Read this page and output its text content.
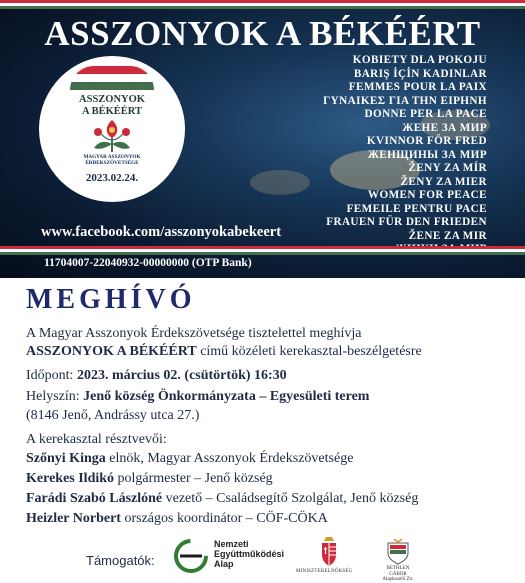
ASSZONYOK A BÉKÉÉRT
KOBIETY DLA POKOJU
BARIŞ İÇİN KADINLAR
FEMMES POUR LA PAIX
ΓΥΝΑΙΚΕΣ ΓΙΑ ΤΗΝ ΕΙΡΗΝΗ
DONNE PER LA PACE
ЖЕНЕ ЗА МИР
KVINNOR FÖR FRED
ЖЕНЩИНЫ ЗА МИР
ŽENY ZA MÍR
ŽENY ZA MIER
WOMEN FOR PEACE
FEMEILE PENTRU PACE
FRAUEN FÜR DEN FRIEDEN
ŽENE ZA MIR
ASSZONYOK
A BÉKÉÉRT
MAGYAR ASSZONYOK
ÉRDEKSZÖVETSÉGE
2023.02.24.
www.facebook.com/asszonyokabekeert
11704007-22040932-00000000 (OTP Bank)
MEGHÍVÓ
A Magyar Asszonyok Érdekszövetsége tisztelettel meghívja
ASSZONYOK A BÉKÉÉRT című közéleti kerekasztal-beszélgetésre
Időpont: 2023. március 02. (csütörtök) 16:30
Helyszín: Jenő község Önkormányzata – Egyesületi terem
(8146 Jenő, Andrássy utca 27.)
A kerekasztal résztvevői:
Szőnyi Kinga elnök, Magyar Asszonyok Érdekszövetsége
Kerekes Ildikó polgármester – Jenő község
Farádi Szabó Lászlóné vezető – Családsegítő Szolgálat, Jenő község
Heizler Norbert országos koordinátor – CÖF-CÖKA
Támogatók:
Nemzeti
Együttműködési
Alap
MINISZTERELNÖKSÉG
BETHLEN GÁBOR
Alapkezelő Zrt.
